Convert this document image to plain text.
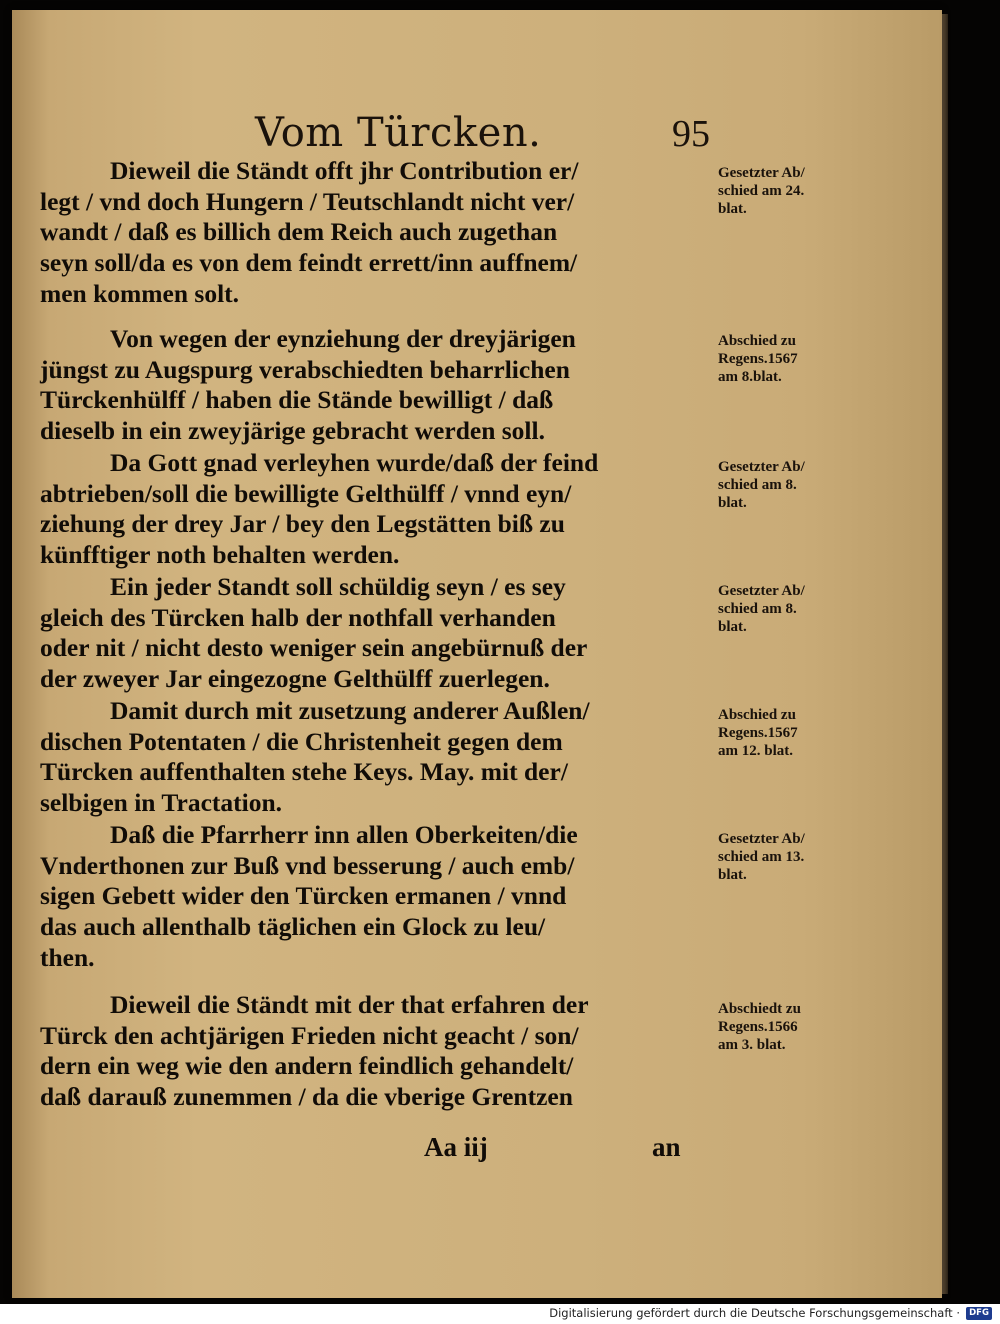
Vom Türcken.	95
Dieweil die Ständt offt jhr Contribution er/
legt / vnd doch Hungern / Teutschlandt nicht ver/
wandt / daß es billich dem Reich auch zugethan
seyn soll/da es von dem feindt errett/inn auffnem/
men kommen solt.
Gesetzter Ab/
schied am 24.
blat.
Von wegen der eynziehung der dreyjärigen
jüngst zu Augspurg verabschiedten beharrlichen
Türckenhülff / haben die Stände bewilligt / daß
dieselb in ein zweyjärige gebracht werden soll.
Abschied zu
Regens.1567
am 8.blat.
Da Gott gnad verleyhen wurde/daß der feind
abtrieben/soll die bewilligte Gelthülff / vnnd eyn/
ziehung der drey Jar / bey den Legstätten biß zu
künfftiger noth behalten werden.
Gesetzter Ab/
schied am 8.
blat.
Ein jeder Standt soll schüldig seyn / es sey
gleich des Türcken halb der nothfall verhanden
oder nit / nicht desto weniger sein angebürnuß der
der zweyer Jar eingezogne Gelthülff zuerlegen.
Gesetzter Ab/
schied am 8.
blat.
Damit durch mit zusetzung anderer Außlen/
dischen Potentaten / die Christenheit gegen dem
Türcken auffenthalten stehe Keys. May. mit der/
selbigen in Tractation.
Abschied zu
Regens.1567
am 12. blat.
Daß die Pfarrherr inn allen Oberkeiten/die
Vnderthonen zur Buß vnd besserung / auch emb/
sigen Gebett wider den Türcken ermanen / vnnd
das auch allenthalb täglichen ein Glock zu leu/
then.
Gesetzter Ab/
schied am 13.
blat.
Dieweil die Ständt mit der that erfahren der
Türck den achtjärigen Frieden nicht geacht / son/
dern ein weg wie den andern feindlich gehandelt/
daß darauß zunemmen / da die vberige Grentzen
Abschiedt zu
Regens.1566
am 3. blat.
Aa iij	an
Digitalisierung gefördert durch die Deutsche Forschungsgemeinschaft ·	DFG
